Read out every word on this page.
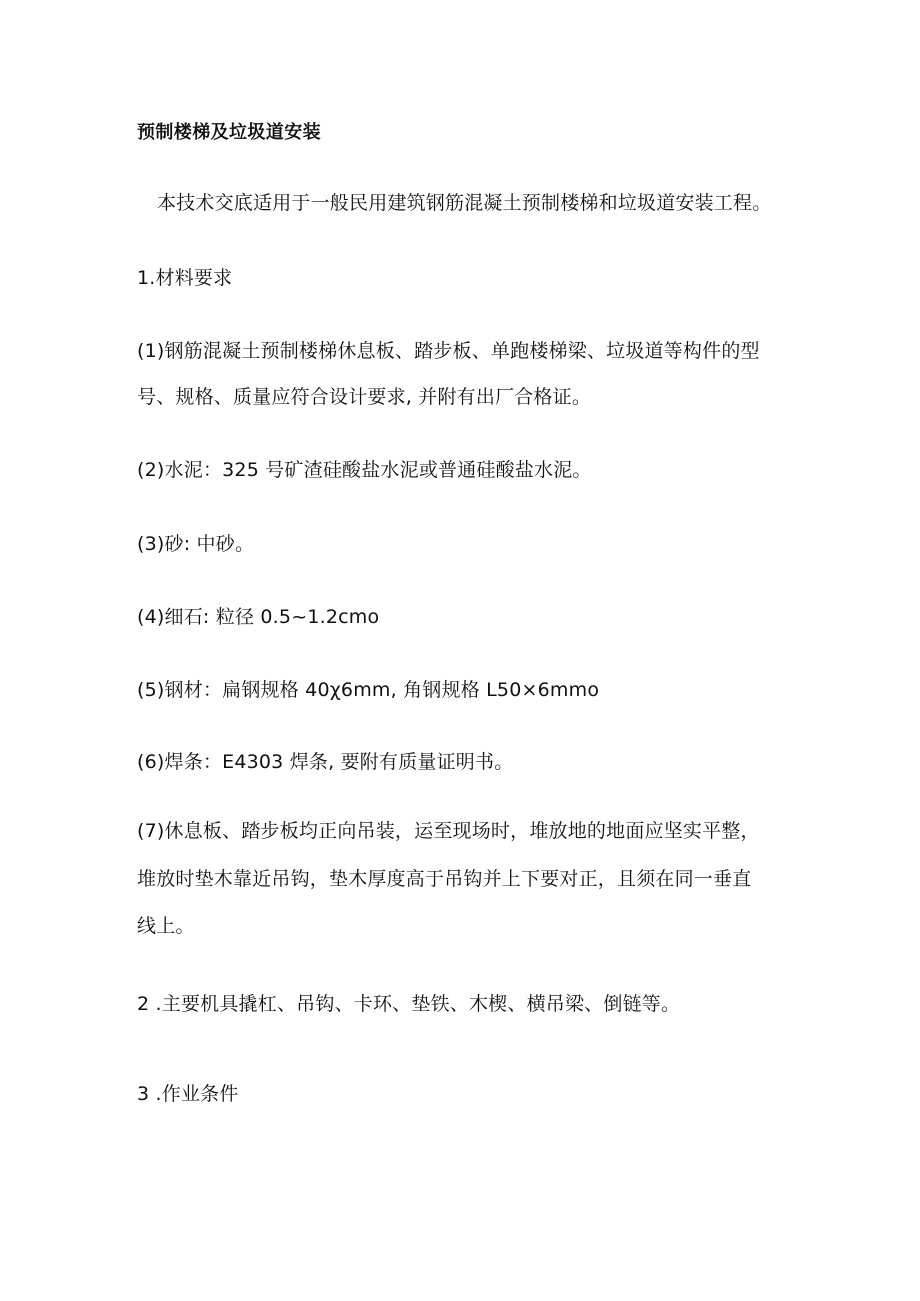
预制楼梯及垃圾道安装
本技术交底适用于一般民用建筑钢筋混凝土预制楼梯和垃圾道安装工程。
1.材料要求
(1)钢筋混凝土预制楼梯休息板、踏步板、单跑楼梯梁、垃圾道等构件的型
号、规格、质量应符合设计要求, 并附有出厂合格证。
(2)水泥：325 号矿渣硅酸盐水泥或普通硅酸盐水泥。
(3)砂: 中砂。
(4)细石: 粒径 0.5~1.2cmo
(5)钢材：扁钢规格 40χ6mm, 角钢规格 L50×6mmo
(6)焊条：E4303 焊条, 要附有质量证明书。
(7)休息板、踏步板均正向吊装，运至现场时，堆放地的地面应坚实平整，
堆放时垫木靠近吊钩，垫木厚度高于吊钩并上下要对正，且须在同一垂直
线上。
2 .主要机具撬杠、吊钩、卡环、垫铁、木楔、横吊梁、倒链等。
3 .作业条件
